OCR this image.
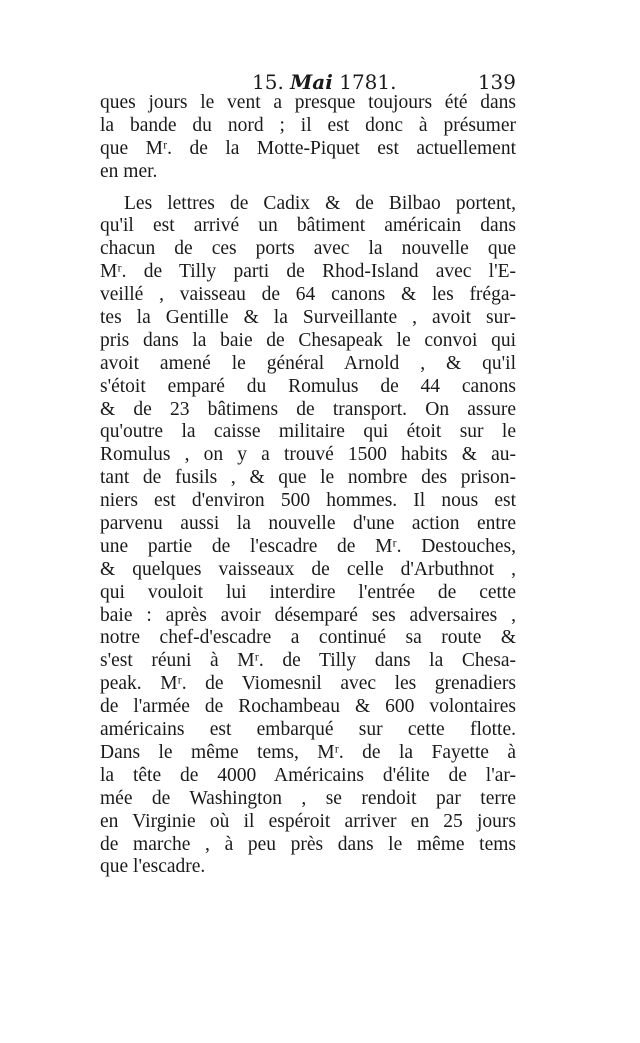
15. Mai 1781.	139
ques jours le vent a presque toujours été dans
la bande du nord ; il est donc à présumer
que Mʳ. de la Motte-Piquet est actuellement
en mer.
Les lettres de Cadix & de Bilbao portent,
qu'il est arrivé un bâtiment américain dans
chacun de ces ports avec la nouvelle que
Mʳ. de Tilly parti de Rhod-Island avec l'E-
veillé , vaisseau de 64 canons & les fréga-
tes la Gentille & la Surveillante , avoit sur-
pris dans la baie de Chesapeak le convoi qui
avoit amené le général Arnold , & qu'il
s'étoit emparé du Romulus de 44 canons
& de 23 bâtimens de transport. On assure
qu'outre la caisse militaire qui étoit sur le
Romulus , on y a trouvé 1500 habits & au-
tant de fusils , & que le nombre des prison-
niers est d'environ 500 hommes. Il nous est
parvenu aussi la nouvelle d'une action entre
une partie de l'escadre de Mʳ. Destouches,
& quelques vaisseaux de celle d'Arbuthnot ,
qui vouloit lui interdire l'entrée de cette
baie : après avoir désemparé ses adversaires ,
notre chef-d'escadre a continué sa route &
s'est réuni à Mʳ. de Tilly dans la Chesa-
peak. Mʳ. de Viomesnil avec les grenadiers
de l'armée de Rochambeau & 600 volontaires
américains est embarqué sur cette flotte.
Dans le même tems, Mʳ. de la Fayette à
la tête de 4000 Américains d'élite de l'ar-
mée de Washington , se rendoit par terre
en Virginie où il espéroit arriver en 25 jours
de marche , à peu près dans le même tems
que l'escadre.
